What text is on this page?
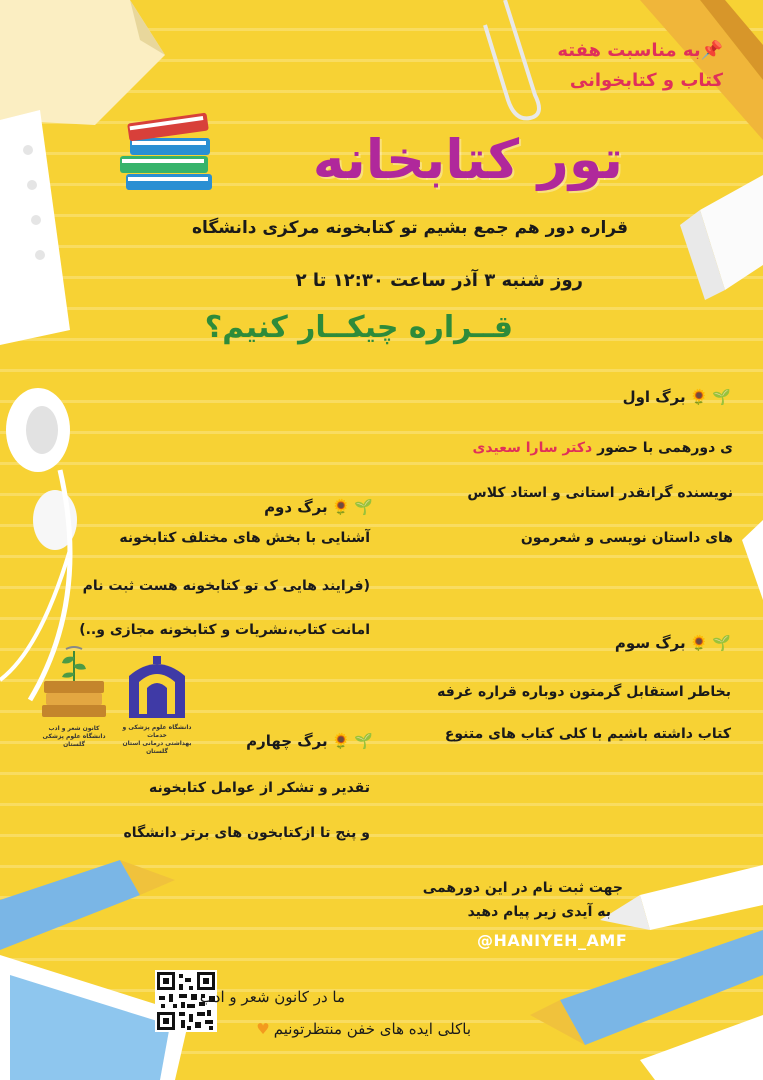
📌به مناسبت هفته
کتاب و کتابخوانی
تور کتابخانه
قراره دور هم جمع بشیم تو کتابخونه مرکزی دانشگاه
روز شنبه ۳ آذر ساعت ۱۲:۳۰ تا ۲
قــراره چیکــار کنیم؟
🌱🌻برگ اول
ی دورهمی با حضور دکتر سارا سعیدی
نویسنده گرانقدر استانی و استاد کلاس
های داستان نویسی و شعرمون
🌱🌻برگ دوم
آشنایی با بخش های مختلف کتابخونه
(فرایند هایی ک تو کتابخونه هست ثبت نام
امانت کتاب،نشریات و کتابخونه مجازی و..)
🌱🌻برگ سوم
بخاطر استقابل گرمتون دوباره قراره غرفه
کتاب داشته باشیم با کلی کتاب های متنوع
کانون شعر و ادب
دانشگاه علوم پزشکی گلستان
دانشگاه علوم پزشکی و خدمات
بهداشتی درمانی استان گلستان
🌱🌻برگ چهارم
تقدیر و تشکر از عوامل کتابخونه
و پنج تا ازکتابخون های برتر دانشگاه
جهت ثبت نام در این دورهمی
به آیدی زیر پیام دهید
@HANIYEH_AMF
ما در کانون شعر و ادب
باکلی ایده های خفن منتظرتونیم♥
